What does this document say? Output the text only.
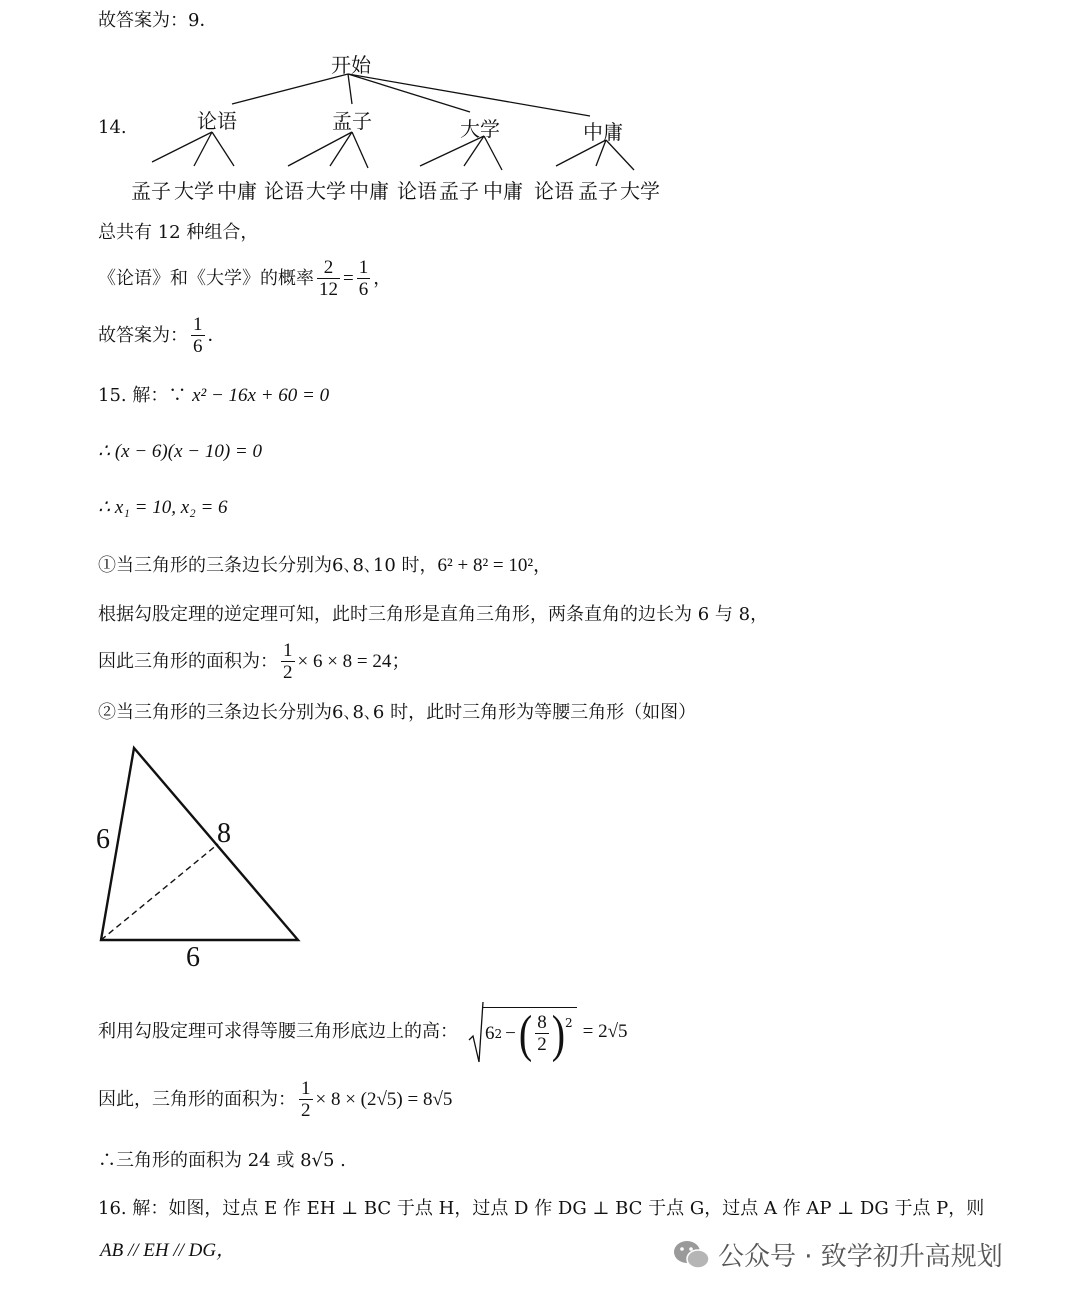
故答案为：9．
14.
开始
论语	孟子	大学	中庸
孟子 大学 中庸 论语 大学 中庸 论语 孟子 中庸 论语 孟子 大学
总共有 12 种组合，
《论语》和《大学》的概率 $\frac{2}{12} = \frac{1}{6}$ ，
故答案为： $\frac{1}{6}$ ．
15. 解：∵ x² − 16x + 60 = 0
∴ (x − 6)(x − 10) = 0
∴ x₁ = 10, x₂ = 6
①当三角形的三条边长分别为6､8､10 时，6² + 8² = 10²，
根据勾股定理的逆定理可知，此时三角形是直角三角形，两条直角的边长为 6 与 8，
因此三角形的面积为： $\frac{1}{2} \times 6 \times 8 = 24$；
②当三角形的三条边长分别为6､8､6 时，此时三角形为等腰三角形（如图）
6	8
6
利用勾股定理可求得等腰三角形底边上的高： 6 2 − ( $\frac{8}{2} )^2 = 2√5$
因此，三角形的面积为： $\frac{1}{2} \times 8 \times (2√5) = 8√5$
∴三角形的面积为 24 或 8√5 .
16. 解：如图，过点 E 作 EH ⊥ BC 于点 H，过点 D 作 DG ⊥ BC 于点 G，过点 A 作 AP ⊥ DG 于点 P，则
AB // EH // DG，	公众号 · 致学初升高规划
